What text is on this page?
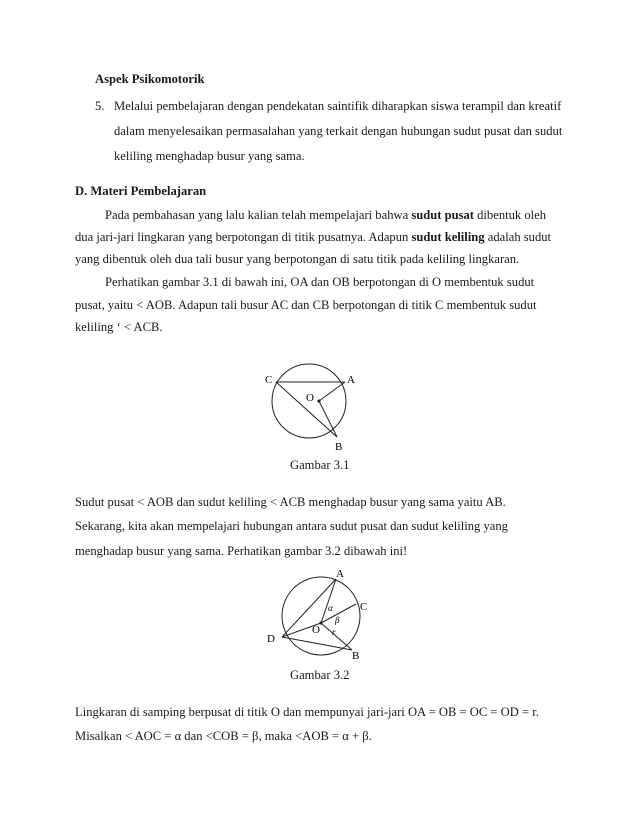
Aspek Psikomotorik
5. Melalui pembelajaran dengan pendekatan saintifik diharapkan siswa terampil dan kreatif
dalam menyelesaikan permasalahan yang terkait dengan hubungan sudut pusat dan sudut
keliling menghadap busur yang sama.
D. Materi Pembelajaran
Pada pembahasan yang lalu kalian telah mempelajari bahwa sudut pusat dibentuk oleh
dua jari-jari lingkaran yang berpotongan di titik pusatnya. Adapun sudut keliling adalah sudut
yang dibentuk oleh dua tali busur yang berpotongan di satu titik pada keliling lingkaran.
Perhatikan gambar 3.1 di bawah ini, OA dan OB berpotongan di O membentuk sudut
pusat, yaitu < AOB. Adapun tali busur AC dan CB berpotongan di titik C membentuk sudut
keliling ‘ < ACB.
C	A
O
B
Gambar 3.1
Sudut pusat < AOB dan sudut keliling < ACB menghadap busur yang sama yaitu AB.
Sekarang, kita akan mempelajari hubungan antara sudut pusat dan sudut keliling yang
menghadap busur yang sama. Perhatikan gambar 3.2 dibawah ini!
A
C
D
O
B
α
β
r
Gambar 3.2
Lingkaran di samping berpusat di titik O dan mempunyai jari-jari OA = OB = OC = OD = r.
Misalkan < AOC = α dan <COB = β, maka <AOB = α + β.
